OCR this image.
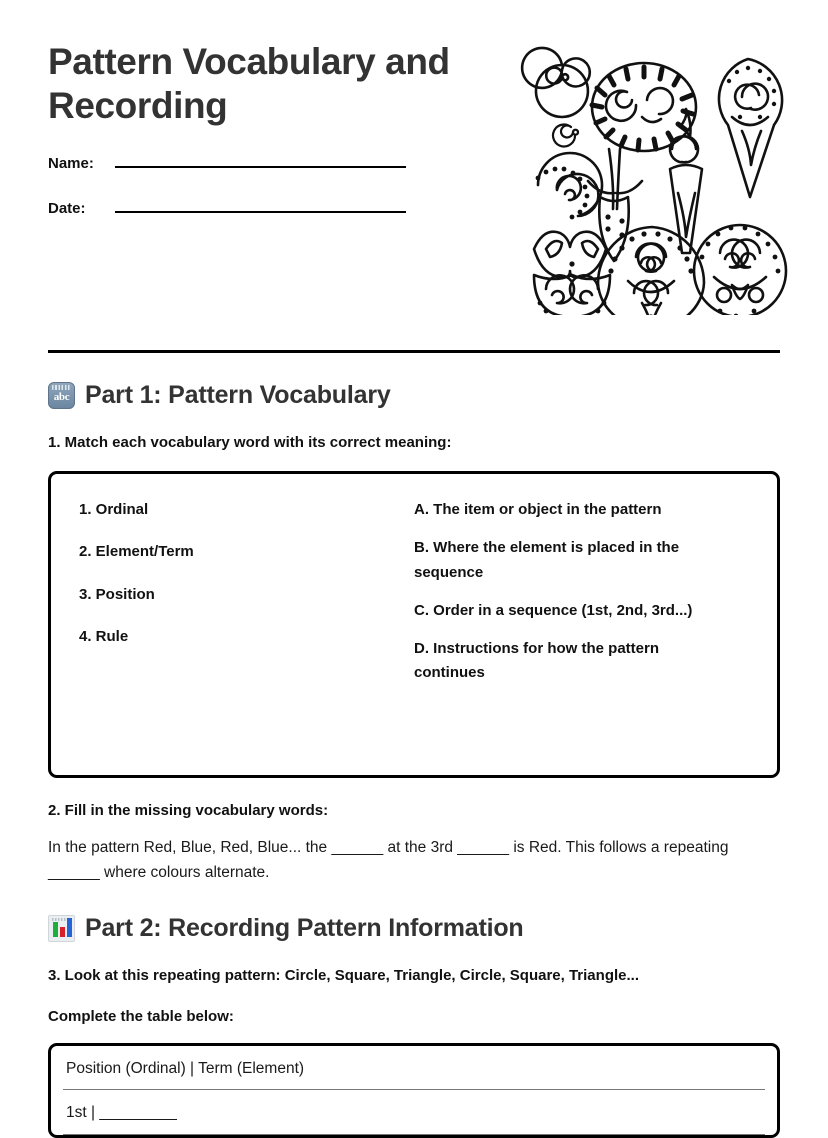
Pattern Vocabulary and Recording
Name:
Date:
abc Part 1: Pattern Vocabulary
1. Match each vocabulary word with its correct meaning:
1. Ordinal
2. Element/Term
3. Position
4. Rule
A. The item or object in the pattern
B. Where the element is placed in the sequence
C. Order in a sequence (1st, 2nd, 3rd...)
D. Instructions for how the pattern continues
2. Fill in the missing vocabulary words:
In the pattern Red, Blue, Red, Blue... the ______ at the 3rd ______ is Red. This follows a repeating ______ where colours alternate.
Part 2: Recording Pattern Information
3. Look at this repeating pattern: Circle, Square, Triangle, Circle, Square, Triangle...
Complete the table below:
Position (Ordinal) | Term (Element)
1st | _________
